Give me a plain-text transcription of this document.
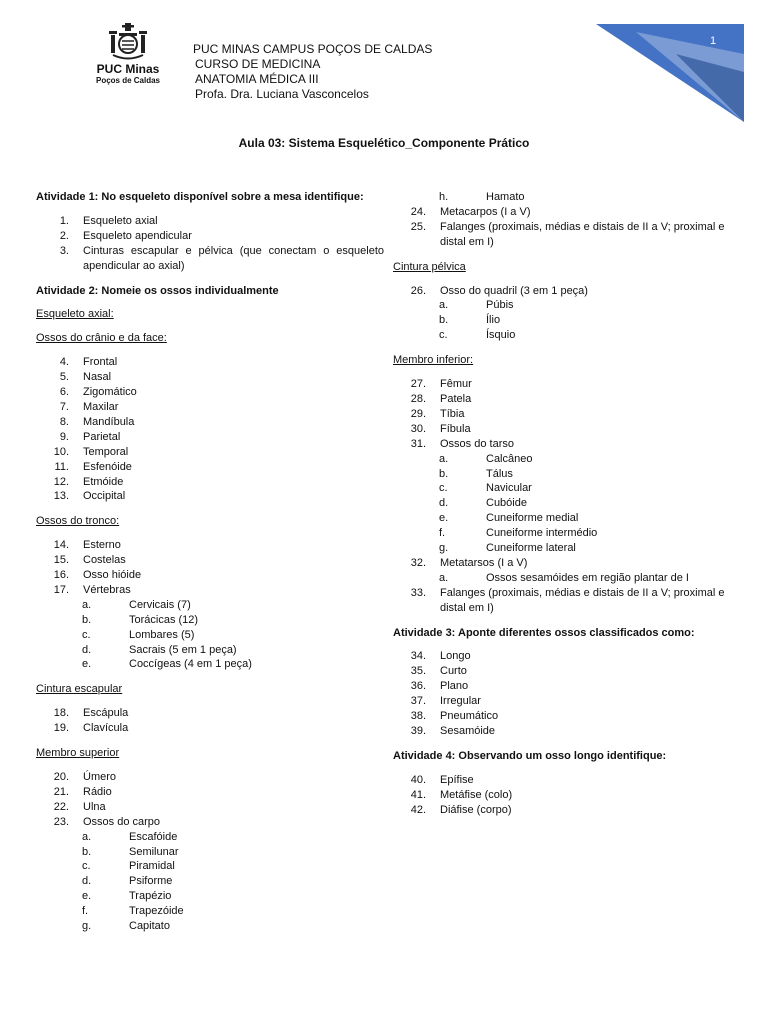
PUC Minas
Poços de Caldas
PUC MINAS CAMPUS POÇOS DE CALDAS
CURSO DE MEDICINA
ANATOMIA MÉDICA III
Profa. Dra. Luciana Vasconcelos
1
Aula 03: Sistema Esquelético_Componente Prático

Atividade 1: No esqueleto disponível sobre a mesa identifique:

1.	Esqueleto axial
2.	Esqueleto apendicular
3.	Cinturas escapular e pélvica (que conectam o esqueleto apendicular ao axial)

Atividade 2: Nomeie os ossos individualmente

Esqueleto axial:

Ossos do crânio e da face:

4.	Frontal
5.	Nasal
6.	Zigomático
7.	Maxilar
8.	Mandíbula
9.	Parietal
10.	Temporal
11.	Esfenóide
12.	Etmóide
13.	Occipital

Ossos do tronco:

14.	Esterno
15.	Costelas
16.	Osso hióide
17.	Vértebras
a.	Cervicais (7)
b.	Torácicas (12)
c.	Lombares (5)
d.	Sacrais (5 em 1 peça)
e.	Coccígeas (4 em 1 peça)

Cintura escapular

18.	Escápula
19.	Clavícula

Membro superior

20.	Úmero
21.	Rádio
22.	Ulna
23.	Ossos do carpo
a.	Escafóide
b.	Semilunar
c.	Piramidal
d.	Psiforme
e.	Trapézio
f.	Trapezóide
g.	Capitato
h.	Hamato
24.	Metacarpos (I a V)
25.	Falanges (proximais, médias e distais de II a V; proximal e distal em I)

Cintura pélvica

26.	Osso do quadril (3 em 1 peça)
a.	Púbis
b.	Ílio
c.	Ísquio

Membro inferior:

27.	Fêmur
28.	Patela
29.	Tíbia
30.	Fíbula
31.	Ossos do tarso
a.	Calcâneo
b.	Tálus
c.	Navicular
d.	Cubóide
e.	Cuneiforme medial
f.	Cuneiforme intermédio
g.	Cuneiforme lateral
32.	Metatarsos (I a V)
a.	Ossos sesamóides em região plantar de I
33.	Falanges (proximais, médias e distais de II a V; proximal e distal em I)

Atividade 3: Aponte diferentes ossos classificados como:

34.	Longo
35.	Curto
36.	Plano
37.	Irregular
38.	Pneumático
39.	Sesamóide

Atividade 4: Observando um osso longo identifique:

40.	Epífise
41.	Metáfise (colo)
42.	Diáfise (corpo)
